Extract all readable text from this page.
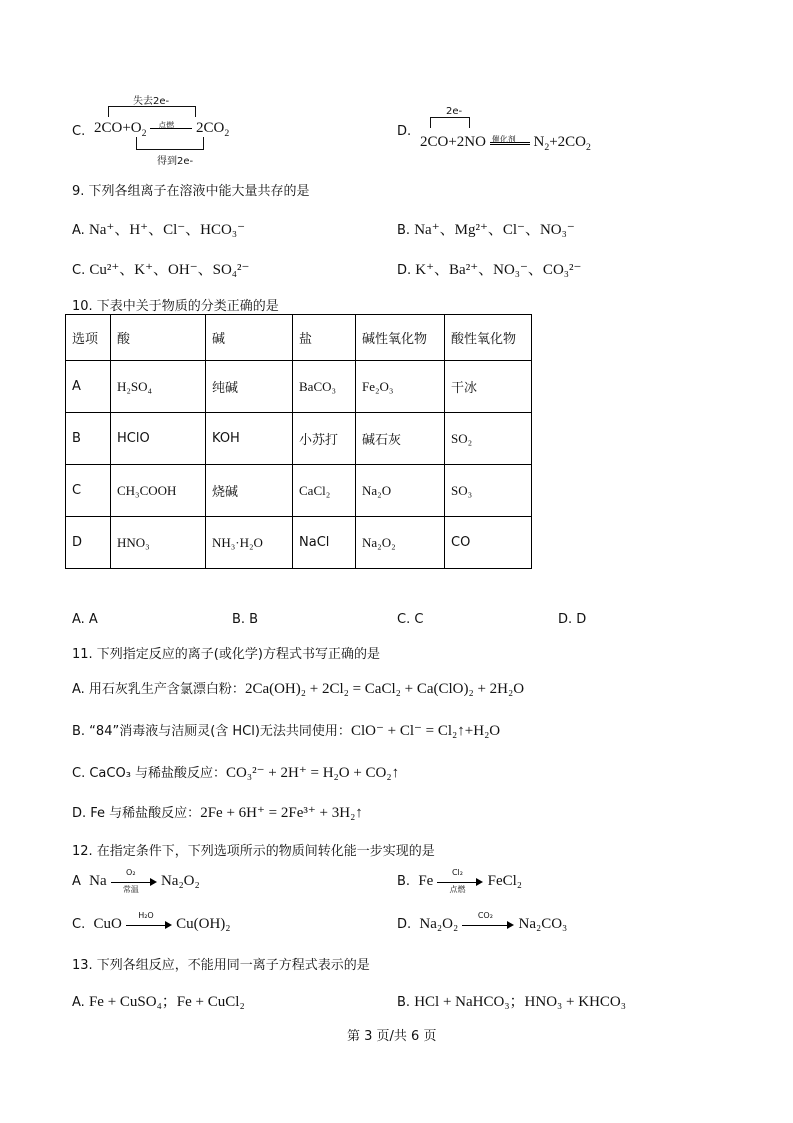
C.
失去2e-
$2CO+O_2$
点燃 $2CO_2$
得到2e-
D.
2e-
2CO+2NO 催化剂 $N_2+2CO_2$
9. 下列各组离子在溶液中能大量共存的是
A. Na⁺、H⁺、Cl⁻、HCO₃⁻	B. Na⁺、Mg²⁺、Cl⁻、NO₃⁻
C. Cu²⁺、K⁺、OH⁻、SO₄²⁻	D. K⁺、Ba²⁺、NO₃⁻、CO₃²⁻
10. 下表中关于物质的分类正确的是
选项	酸	碱	盐	碱性氧化物	酸性氧化物
A	H₂SO₄	纯碱	BaCO₃	Fe₂O₃	干冰
B	HClO	KOH	小苏打	碱石灰	SO₂
C	CH₃COOH	烧碱	CaCl₂	Na₂O	SO₃
D	HNO₃	NH₃·H₂O	NaCl	Na₂O₂	CO
A. A	B. B	C. C	D. D
11. 下列指定反应的离子(或化学)方程式书写正确的是
A. 用石灰乳生产含氯漂白粉：2Ca(OH)₂ + 2Cl₂ = CaCl₂ + Ca(ClO)₂ + 2H₂O
B. “84”消毒液与洁厕灵(含 HCl)无法共同使用：ClO⁻ + Cl⁻ = Cl₂↑+H₂O
C. CaCO₃ 与稀盐酸反应：CO₃²⁻ + 2H⁺ = H₂O + CO₂↑
D. Fe 与稀盐酸反应：2Fe + 6H⁺ = 2Fe³⁺ + 3H₂↑
12. 在指定条件下，下列选项所示的物质间转化能一步实现的是
A Na
O₂
常温	Na₂O₂	B. Fe
Cl₂
点燃	FeCl₂
C. CuO
H₂O
Cu(OH)₂	D. Na₂O₂
CO₂
Na₂CO₃
13. 下列各组反应，不能用同一离子方程式表示的是
A. Fe + CuSO₄；Fe + CuCl₂	B. HCl + NaHCO₃；HNO₃ + KHCO₃
第 3 页/共 6 页
